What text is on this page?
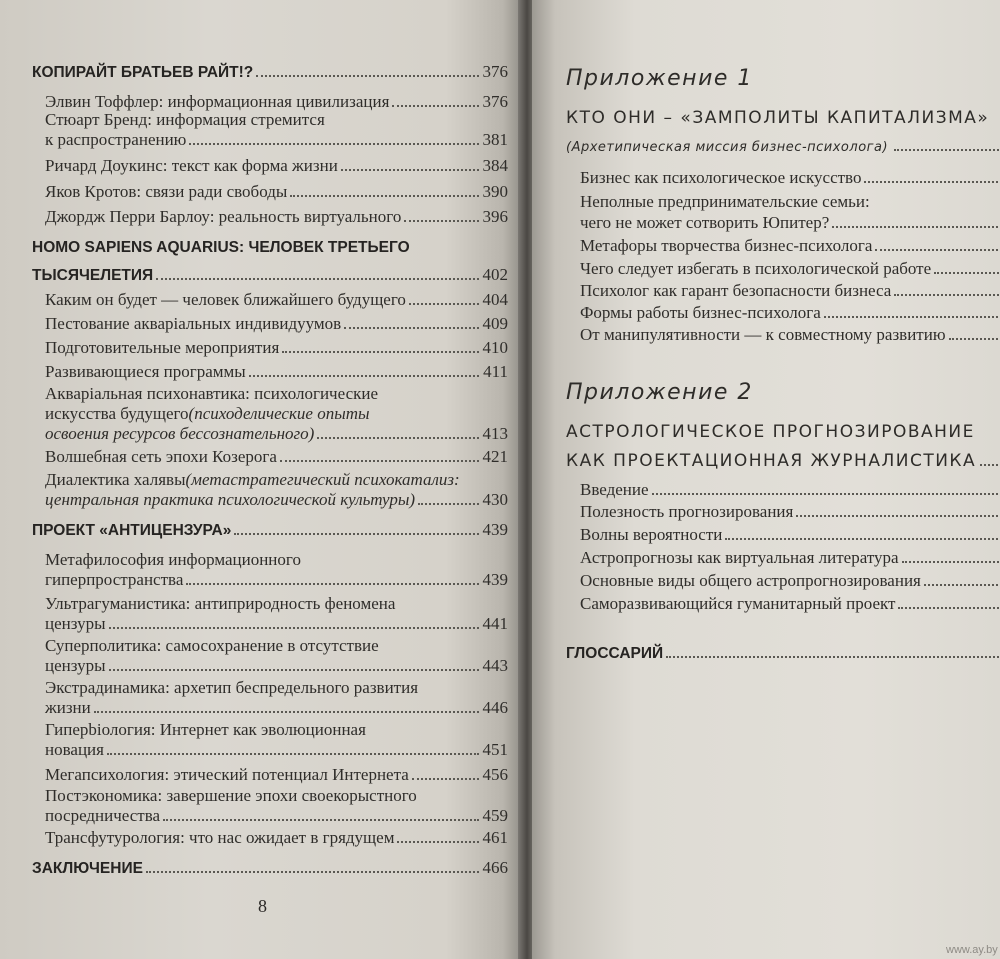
КОПИРАЙТ БРАТЬЕВ РАЙТ!?	376
Элвин Тоффлер: информационная цивилизация	376
Стюарт Бренд: информация стремится
к распространению	381
Ричард Доукинс: текст как форма жизни	384
Яков Кротов: связи ради свободы	390
Джордж Перри Барлоу: реальность виртуального	396
HOMO SAPIENS AQUARIUS: ЧЕЛОВЕК ТРЕТЬЕГО
ТЫСЯЧЕЛЕТИЯ	402
Каким он будет — человек ближайшего будущего	404
Пестование акваріальных индивидуумов	409
Подготовительные мероприятия	410
Развивающиеся программы	411
Акваріальная психонавтика: психологические
искусства будущего (психоделические опыты
освоения ресурсов бессознательного)	413
Волшебная сеть эпохи Козерога	421
Диалектика халявы (метастратегический психокатализ:
центральная практика психологической культуры)	430
ПРОЕКТ «АНТИЦЕНЗУРА»	439
Метафилософия информационного
гиперпространства	439
Ультрагуманистика: антиприродность феномена
цензуры	441
Суперполитика: самосохранение в отсутствие
цензуры	443
Экстрадинамика: архетип беспредельного развития
жизни	446
Гиперbiология: Интернет как эволюционная
новация	451
Мегапсихология: этический потенциал Интернета	456
Постэкономика: завершение эпохи своекорыстного
посредничества	459
Трансфутурология: что нас ожидает в грядущем	461
ЗАКЛЮЧЕНИЕ	466
8
Приложение 1
КТО ОНИ – «ЗАМПОЛИТЫ КАПИТАЛИЗМА»
(Архетипическая миссия бизнес-психолога)
Бизнес как психологическое искусство
Неполные предпринимательские семьи:
чего не может сотворить Юпитер?
Метафоры творчества бизнес-психолога
Чего следует избегать в психологической работе
Психолог как гарант безопасности бизнеса
Формы работы бизнес-психолога
От манипулятивности — к совместному развитию
Приложение 2
АСТРОЛОГИЧЕСКОЕ ПРОГНОЗИРОВАНИЕ
КАК ПРОЕКТАЦИОННАЯ ЖУРНАЛИСТИКА
Введение
Полезность прогнозирования
Волны вероятности
Астропрогнозы как виртуальная литература
Основные виды общего астропрогнозирования
Саморазвивающийся гуманитарный проект
ГЛОССАРИЙ
www.ay.by
